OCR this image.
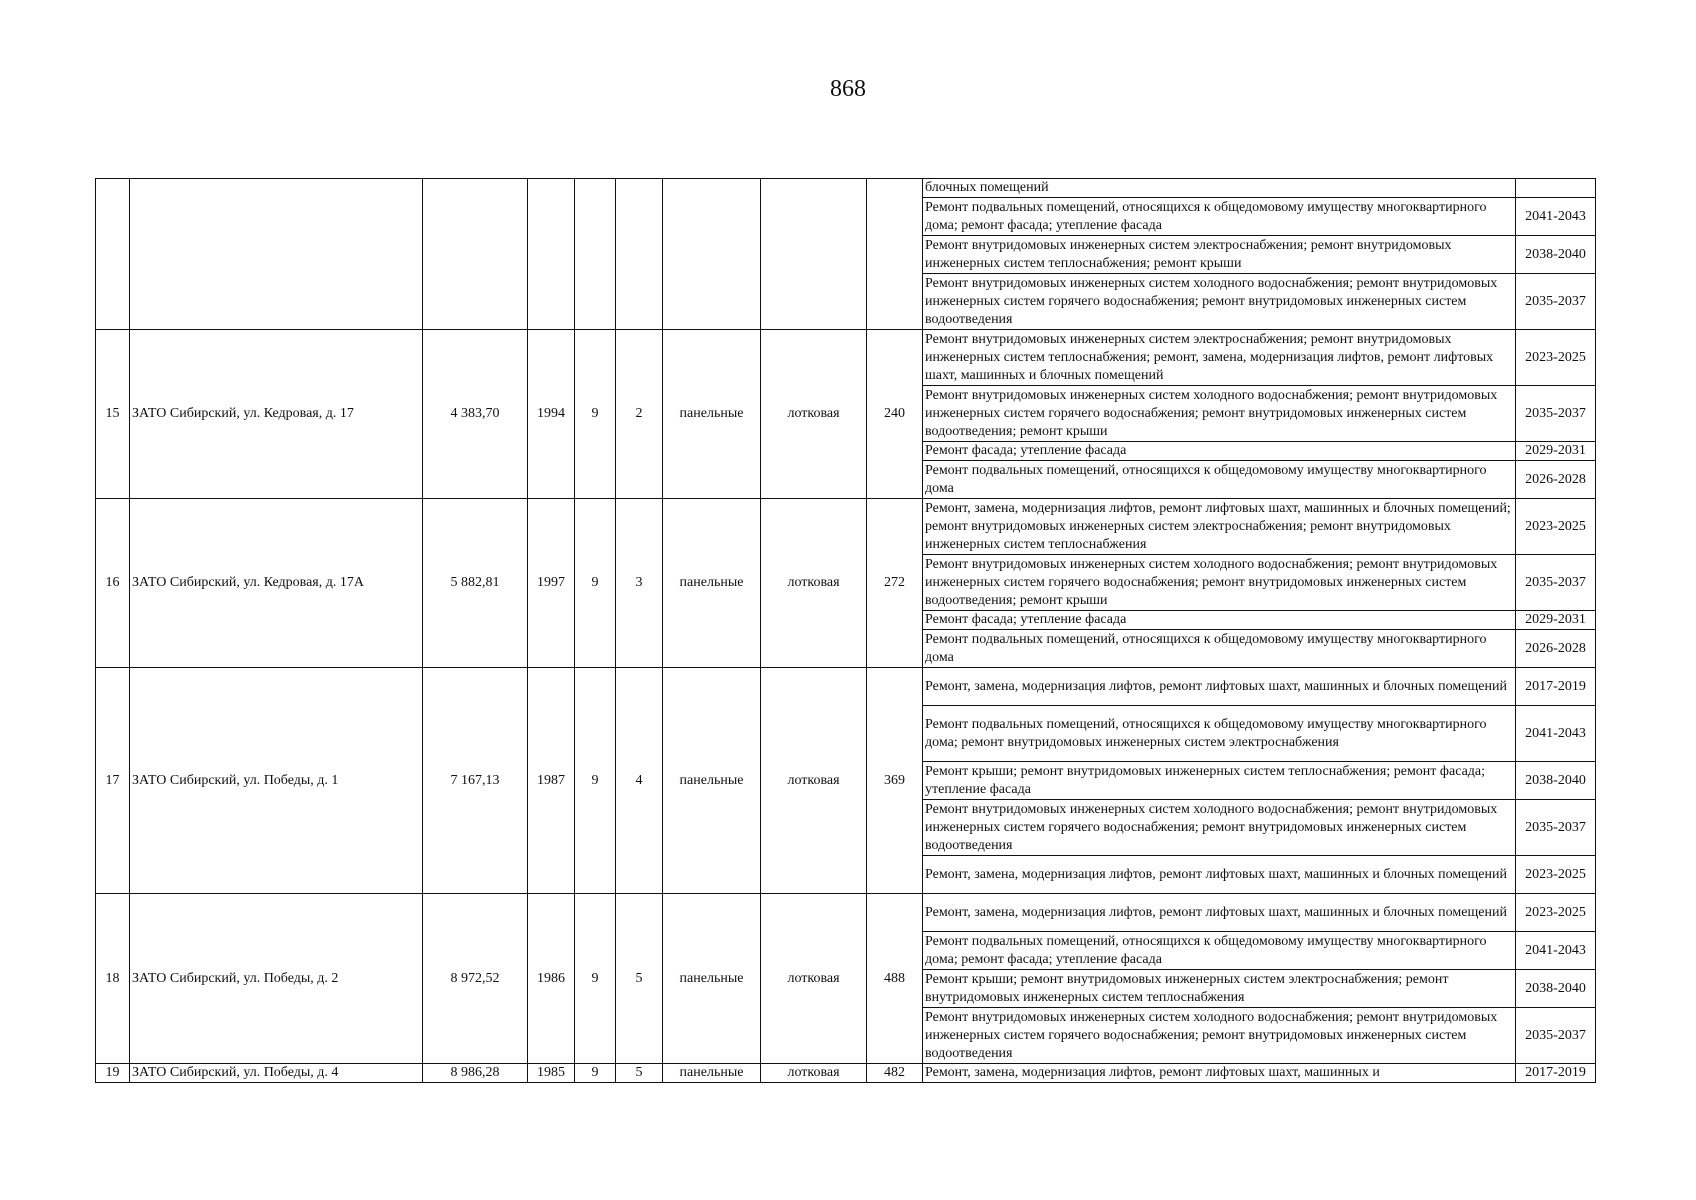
868
									блочных помещений	
									Ремонт подвальных помещений, относящихся к общедомовому имуществу многоквартирного дома; ремонт фасада; утепление фасада	2041-2043
									Ремонт внутридомовых инженерных систем электроснабжения; ремонт внутридомовых инженерных систем теплоснабжения; ремонт крыши	2038-2040
									Ремонт внутридомовых инженерных систем холодного водоснабжения; ремонт внутридомовых инженерных систем горячего водоснабжения; ремонт внутридомовых инженерных систем водоотведения	2035-2037
15	ЗАТО Сибирский, ул. Кедровая, д. 17	4 383,70	1994	9	2	панельные	лотковая	240	Ремонт внутридомовых инженерных систем электроснабжения; ремонт внутридомовых инженерных систем теплоснабжения; ремонт, замена, модернизация лифтов, ремонт лифтовых шахт, машинных и блочных помещений	2023-2025
									Ремонт внутридомовых инженерных систем холодного водоснабжения; ремонт внутридомовых инженерных систем горячего водоснабжения; ремонт внутридомовых инженерных систем водоотведения; ремонт крыши	2035-2037
									Ремонт фасада; утепление фасада	2029-2031
									Ремонт подвальных помещений, относящихся к общедомовому имуществу многоквартирного дома	2026-2028
16	ЗАТО Сибирский, ул. Кедровая, д. 17А	5 882,81	1997	9	3	панельные	лотковая	272	Ремонт, замена, модернизация лифтов, ремонт лифтовых шахт, машинных и блочных помещений; ремонт внутридомовых инженерных систем электроснабжения; ремонт внутридомовых инженерных систем теплоснабжения	2023-2025
									Ремонт внутридомовых инженерных систем холодного водоснабжения; ремонт внутридомовых инженерных систем горячего водоснабжения; ремонт внутридомовых инженерных систем водоотведения; ремонт крыши	2035-2037
									Ремонт фасада; утепление фасада	2029-2031
									Ремонт подвальных помещений, относящихся к общедомовому имуществу многоквартирного дома	2026-2028
17	ЗАТО Сибирский, ул. Победы, д. 1	7 167,13	1987	9	4	панельные	лотковая	369	Ремонт, замена, модернизация лифтов, ремонт лифтовых шахт, машинных и блочных помещений	2017-2019
									Ремонт подвальных помещений, относящихся к общедомовому имуществу многоквартирного дома; ремонт внутридомовых инженерных систем электроснабжения	2041-2043
									Ремонт крыши; ремонт внутридомовых инженерных систем теплоснабжения; ремонт фасада; утепление фасада	2038-2040
									Ремонт внутридомовых инженерных систем холодного водоснабжения; ремонт внутридомовых инженерных систем горячего водоснабжения; ремонт внутридомовых инженерных систем водоотведения	2035-2037
									Ремонт, замена, модернизация лифтов, ремонт лифтовых шахт, машинных и блочных помещений	2023-2025
18	ЗАТО Сибирский, ул. Победы, д. 2	8 972,52	1986	9	5	панельные	лотковая	488	Ремонт, замена, модернизация лифтов, ремонт лифтовых шахт, машинных и блочных помещений	2023-2025
									Ремонт подвальных помещений, относящихся к общедомовому имуществу многоквартирного дома; ремонт фасада; утепление фасада	2041-2043
									Ремонт крыши; ремонт внутридомовых инженерных систем электроснабжения; ремонт внутридомовых инженерных систем теплоснабжения	2038-2040
									Ремонт внутридомовых инженерных систем холодного водоснабжения; ремонт внутридомовых инженерных систем горячего водоснабжения; ремонт внутридомовых инженерных систем водоотведения	2035-2037
19	ЗАТО Сибирский, ул. Победы, д. 4	8 986,28	1985	9	5	панельные	лотковая	482	Ремонт, замена, модернизация лифтов, ремонт лифтовых шахт, машинных и	2017-2019
